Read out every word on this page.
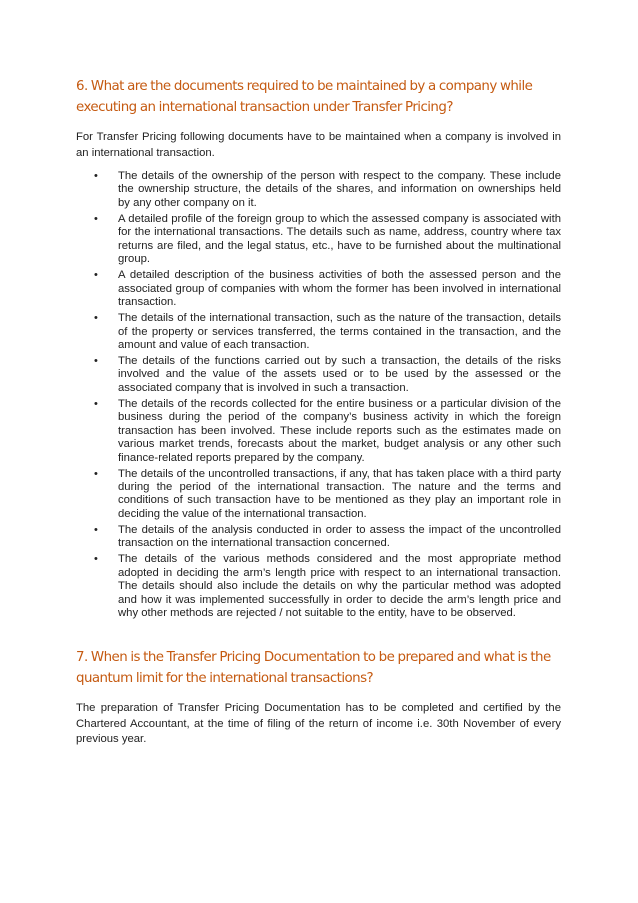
6. What are the documents required to be maintained by a company while
executing an international transaction under Transfer Pricing?

For Transfer Pricing following documents have to be maintained when a company is involved in an international transaction.

• The details of the ownership of the person with respect to the company. These include the ownership structure, the details of the shares, and information on ownerships held by any other company on it.
• A detailed profile of the foreign group to which the assessed company is associated with for the international transactions. The details such as name, address, country where tax returns are filed, and the legal status, etc., have to be furnished about the multinational group.
• A detailed description of the business activities of both the assessed person and the associated group of companies with whom the former has been involved in international transaction.
• The details of the international transaction, such as the nature of the transaction, details of the property or services transferred, the terms contained in the transaction, and the amount and value of each transaction.
• The details of the functions carried out by such a transaction, the details of the risks involved and the value of the assets used or to be used by the assessed or the associated company that is involved in such a transaction.
• The details of the records collected for the entire business or a particular division of the business during the period of the company’s business activity in which the foreign transaction has been involved. These include reports such as the estimates made on various market trends, forecasts about the market, budget analysis or any other such finance-related reports prepared by the company.
• The details of the uncontrolled transactions, if any, that has taken place with a third party during the period of the international transaction. The nature and the terms and conditions of such transaction have to be mentioned as they play an important role in deciding the value of the international transaction.
• The details of the analysis conducted in order to assess the impact of the uncontrolled transaction on the international transaction concerned.
• The details of the various methods considered and the most appropriate method adopted in deciding the arm’s length price with respect to an international transaction. The details should also include the details on why the particular method was adopted and how it was implemented successfully in order to decide the arm’s length price and why other methods are rejected / not suitable to the entity, have to be observed.
7. When is the Transfer Pricing Documentation to be prepared and what is the
quantum limit for the international transactions?

The preparation of Transfer Pricing Documentation has to be completed and certified by the Chartered Accountant, at the time of filing of the return of income i.e. 30th November of every previous year.
